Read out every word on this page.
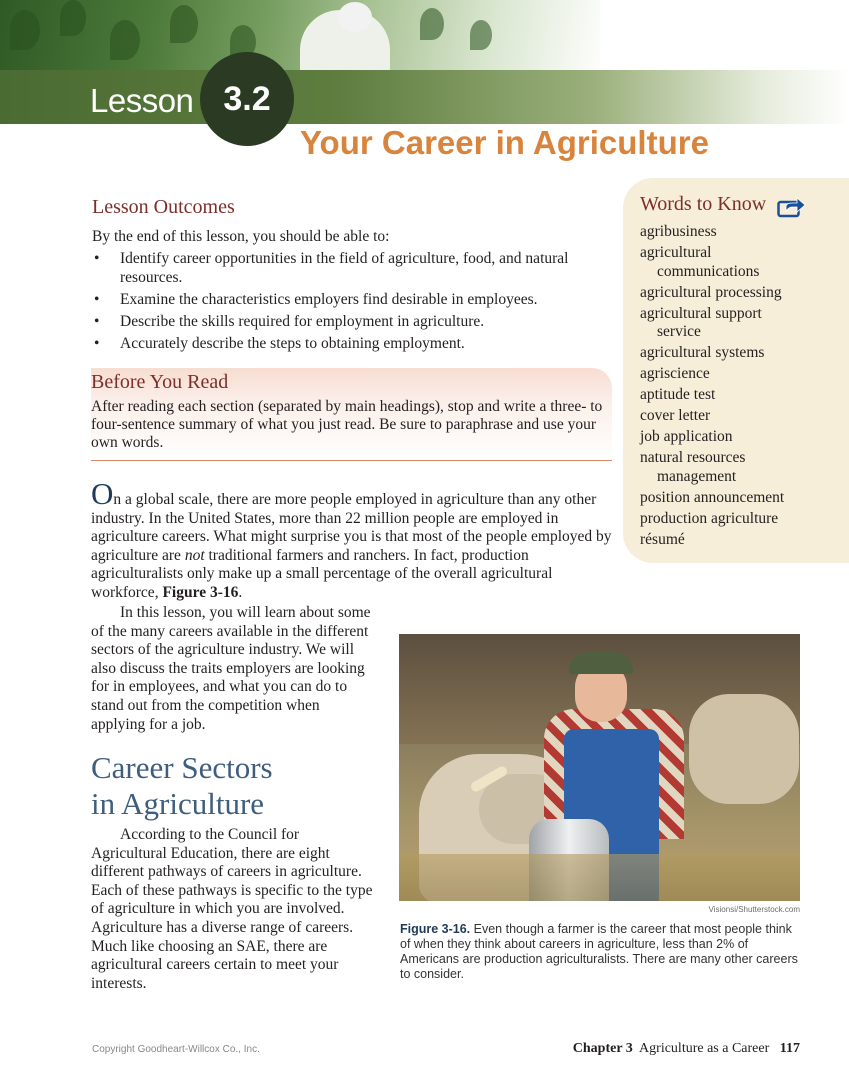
Lesson 3.2
Your Career in Agriculture
Lesson Outcomes

By the end of this lesson, you should be able to:

• Identify career opportunities in the field of agriculture, food, and natural resources.
• Examine the characteristics employers find desirable in employees.
• Describe the skills required for employment in agriculture.
• Accurately describe the steps to obtaining employment.
Before You Read

After reading each section (separated by main headings), stop and write a three- to four-sentence summary of what you just read. Be sure to paraphrase and use your own words.

Words to Know
agribusiness
agricultural
communications
agricultural processing
agricultural support
service
agricultural systems
agriscience
aptitude test
cover letter
job application
natural resources
management
position announcement
production agriculture
résumé

On a global scale, there are more people employed in agriculture than any other industry. In the United States, more than 22 million people are employed in agriculture careers. What might surprise you is that most of the people employed by agriculture are not traditional farmers and ranchers. In fact, production agriculturalists only make up a small percentage of the overall agricultural workforce, Figure 3-16.

In this lesson, you will learn about some of the many careers available in the different sectors of the agriculture industry. We will also discuss the traits employers are looking for in employees, and what you can do to stand out from the competition when applying for a job.

Career Sectors
in Agriculture

According to the Council for Agricultural Education, there are eight different pathways of careers in agriculture. Each of these pathways is specific to the type of agriculture in which you are involved. Agriculture has a diverse range of careers. Much like choosing an SAE, there are agricultural careers certain to meet your interests.

Visionsi/Shutterstock.com
Figure 3-16. Even though a farmer is the career that most people think of when they think about careers in agriculture, less than 2% of Americans are production agriculturalists. There are many other careers to consider.
Copyright Goodheart-Willcox Co., Inc.	Chapter 3 Agriculture as a Career 117
